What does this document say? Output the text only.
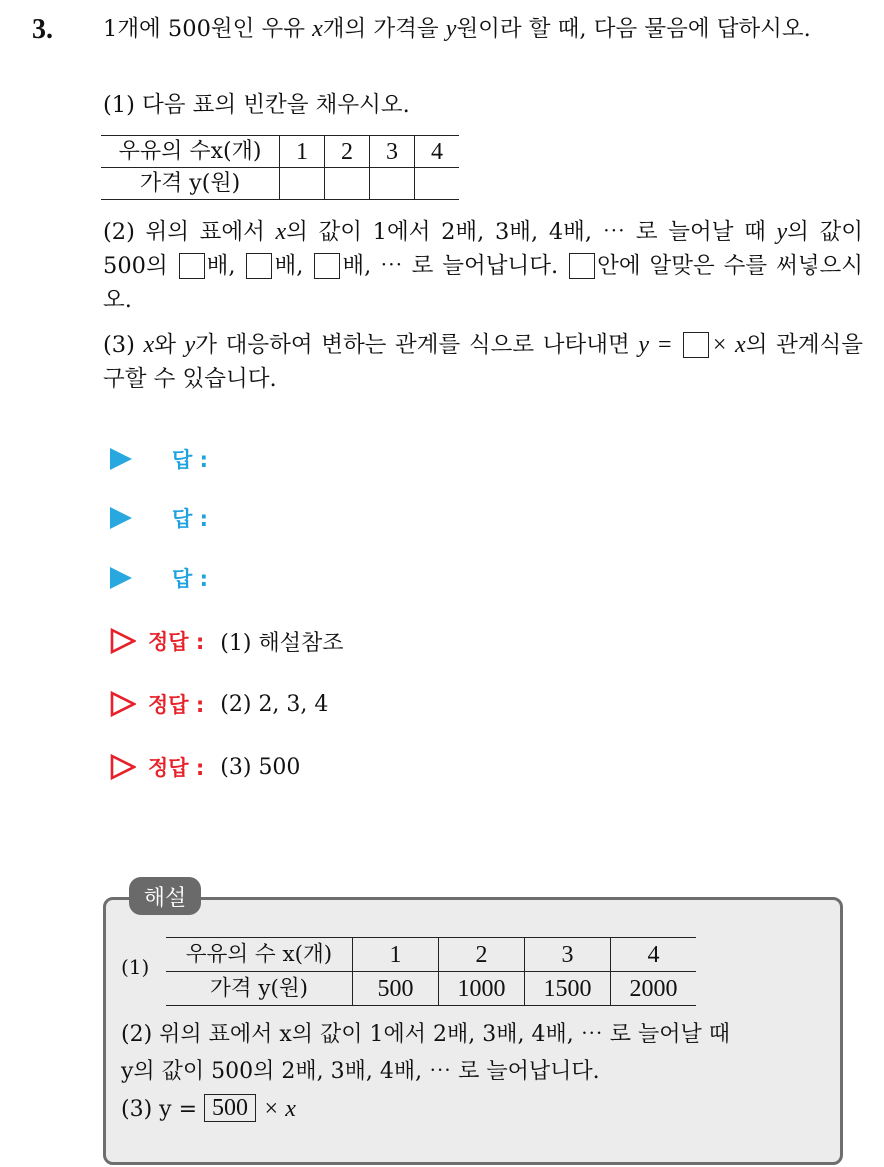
3. 1개에 500원인 우유 x개의 가격을 y원이라 할 때, 다음 물음에 답하시오.
(1) 다음 표의 빈칸을 채우시오.
우유의 수x(개)	1	2	3	4
가격 y(원)				
(2) 위의 표에서 x의 값이 1에서 2배, 3배, 4배, ⋯ 로 늘어날 때 y의 값이 500의 배, 배, 배, ⋯ 로 늘어납니다. 안에 알맞은 수를 써넣으시오.
(3) x와 y가 대응하여 변하는 관계를 식으로 나타내면 y = × x의 관계식을 구할 수 있습니다.
답 :
답 :
답 :
정답 : (1) 해설참조
정답 : (2) 2, 3, 4
정답 : (3) 500
해설
(1)
우유의 수 x(개)	1	2	3	4
가격 y(원)	500	1000	1500	2000
(2) 위의 표에서 x의 값이 1에서 2배, 3배, 4배, ⋯ 로 늘어날 때
y의 값이 500의 2배, 3배, 4배, ⋯ 로 늘어납니다.
(3) y = 500 × x
